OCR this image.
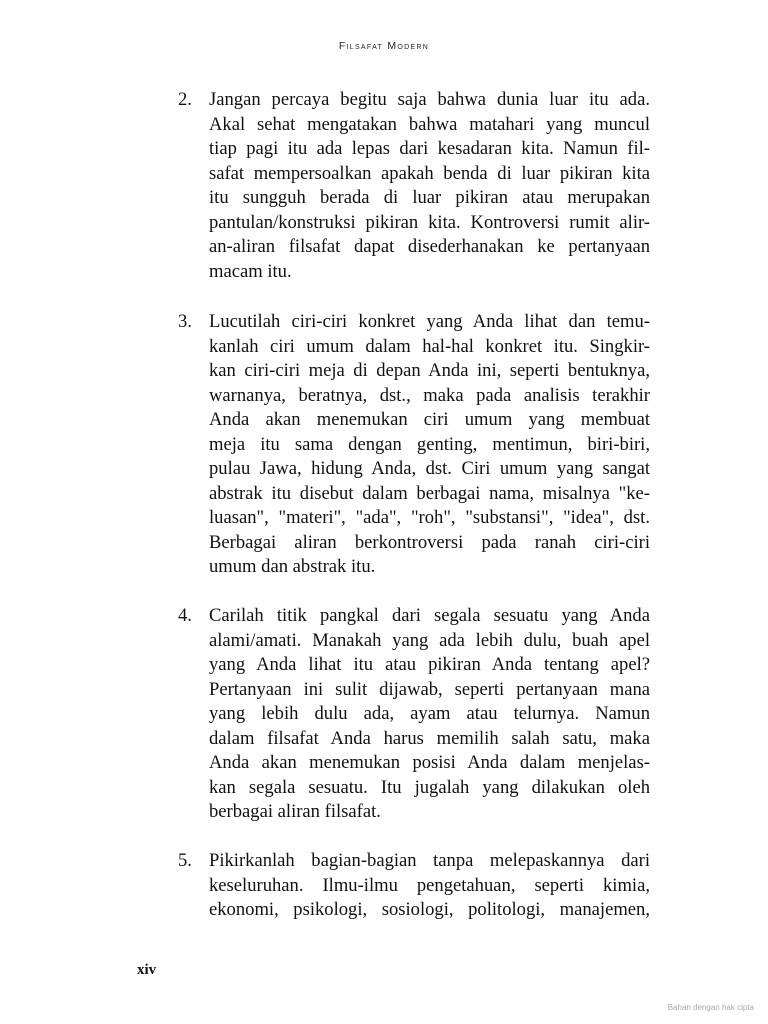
Filsafat Modern
2. Jangan percaya begitu saja bahwa dunia luar itu ada.
Akal sehat mengatakan bahwa matahari yang muncul
tiap pagi itu ada lepas dari kesadaran kita. Namun fil-
safat mempersoalkan apakah benda di luar pikiran kita
itu sungguh berada di luar pikiran atau merupakan
pantulan/konstruksi pikiran kita. Kontroversi rumit alir-
an-aliran filsafat dapat disederhanakan ke pertanyaan
macam itu.
3. Lucutilah ciri-ciri konkret yang Anda lihat dan temu-
kanlah ciri umum dalam hal-hal konkret itu. Singkir-
kan ciri-ciri meja di depan Anda ini, seperti bentuknya,
warnanya, beratnya, dst., maka pada analisis terakhir
Anda akan menemukan ciri umum yang membuat
meja itu sama dengan genting, mentimun, biri-biri,
pulau Jawa, hidung Anda, dst. Ciri umum yang sangat
abstrak itu disebut dalam berbagai nama, misalnya "ke-
luasan", "materi", "ada", "roh", "substansi", "idea", dst.
Berbagai aliran berkontroversi pada ranah ciri-ciri
umum dan abstrak itu.
4. Carilah titik pangkal dari segala sesuatu yang Anda
alami/amati. Manakah yang ada lebih dulu, buah apel
yang Anda lihat itu atau pikiran Anda tentang apel?
Pertanyaan ini sulit dijawab, seperti pertanyaan mana
yang lebih dulu ada, ayam atau telurnya. Namun
dalam filsafat Anda harus memilih salah satu, maka
Anda akan menemukan posisi Anda dalam menjelas-
kan segala sesuatu. Itu jugalah yang dilakukan oleh
berbagai aliran filsafat.
5. Pikirkanlah bagian-bagian tanpa melepaskannya dari
keseluruhan. Ilmu-ilmu pengetahuan, seperti kimia,
ekonomi, psikologi, sosiologi, politologi, manajemen,
xiv
Bahan dengan hak cipta
